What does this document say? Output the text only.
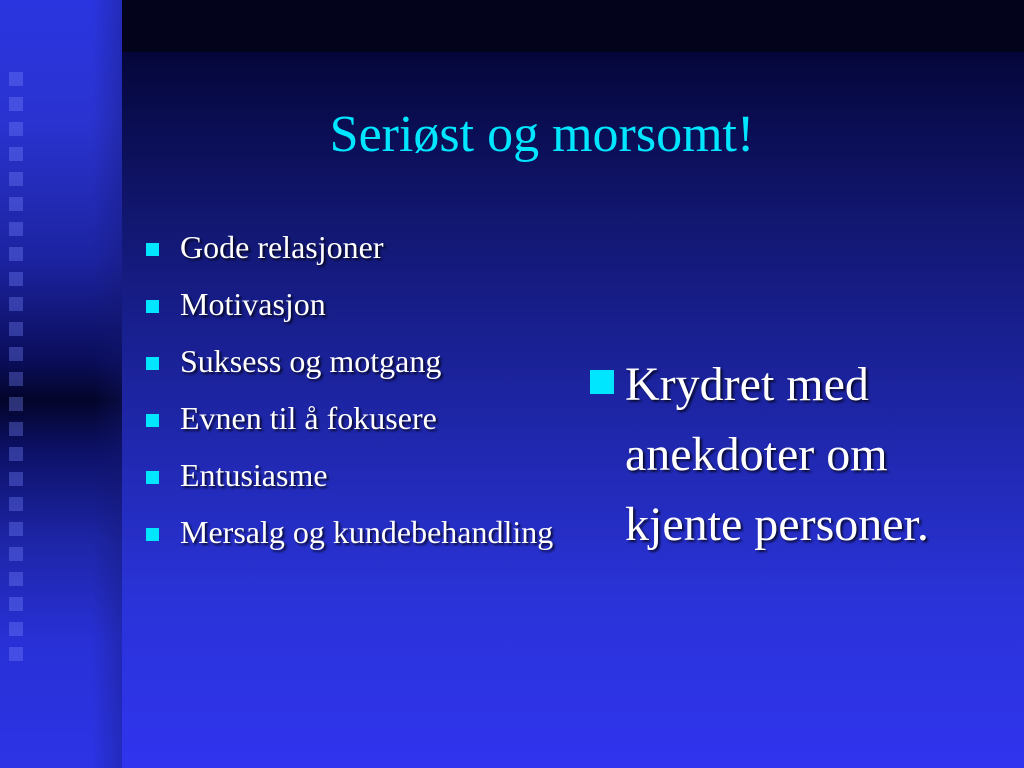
Seriøst og morsomt!
Gode relasjoner
Motivasjon
Suksess og motgang
Evnen til å fokusere
Entusiasme
Mersalg og kundebehandling
Krydret med anekdoter om kjente personer.
